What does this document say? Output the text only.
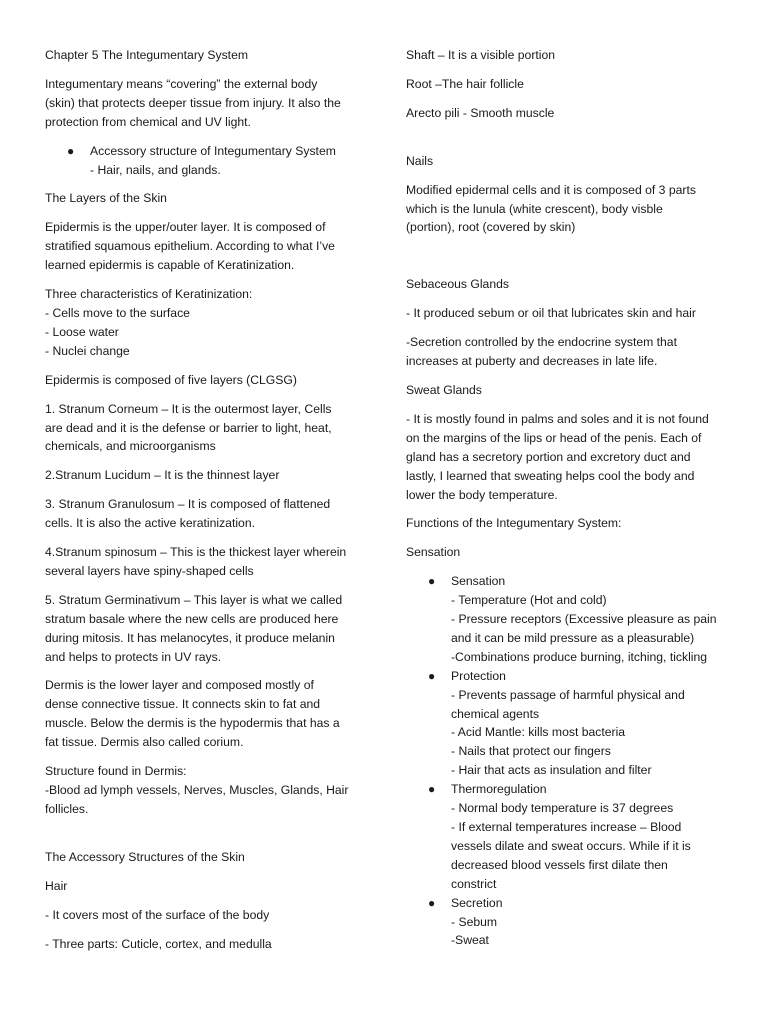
Chapter 5 The Integumentary System

Integumentary means “covering” the external body
(skin) that protects deeper tissue from injury. It also the
protection from chemical and UV light.

● Accessory structure of Integumentary System
- Hair, nails, and glands.

The Layers of the Skin

Epidermis is the upper/outer layer. It is composed of
stratified squamous epithelium. According to what I’ve
learned epidermis is capable of Keratinization.

Three characteristics of Keratinization:
- Cells move to the surface
- Loose water
- Nuclei change

Epidermis is composed of five layers (CLGSG)

1. Stranum Corneum – It is the outermost layer, Cells
are dead and it is the defense or barrier to light, heat,
chemicals, and microorganisms

2.Stranum Lucidum – It is the thinnest layer

3. Stranum Granulosum – It is composed of flattened
cells. It is also the active keratinization.

4.Stranum spinosum – This is the thickest layer wherein
several layers have spiny-shaped cells

5. Stratum Germinativum – This layer is what we called
stratum basale where the new cells are produced here
during mitosis. It has melanocytes, it produce melanin
and helps to protects in UV rays.

Dermis is the lower layer and composed mostly of
dense connective tissue. It connects skin to fat and
muscle. Below the dermis is the hypodermis that has a
fat tissue. Dermis also called corium.

Structure found in Dermis:
-Blood ad lymph vessels, Nerves, Muscles, Glands, Hair
follicles.

The Accessory Structures of the Skin

Hair

- It covers most of the surface of the body

- Three parts: Cuticle, cortex, and medulla

Shaft – It is a visible portion

Root –The hair follicle

Arecto pili - Smooth muscle

Nails

Modified epidermal cells and it is composed of 3 parts
which is the lunula (white crescent), body visble
(portion), root (covered by skin)

Sebaceous Glands

- It produced sebum or oil that lubricates skin and hair

-Secretion controlled by the endocrine system that
increases at puberty and decreases in late life.

Sweat Glands

- It is mostly found in palms and soles and it is not found
on the margins of the lips or head of the penis. Each of
gland has a secretory portion and excretory duct and
lastly, I learned that sweating helps cool the body and
lower the body temperature.

Functions of the Integumentary System:

Sensation

● Sensation
- Temperature (Hot and cold)
- Pressure receptors (Excessive pleasure as pain
and it can be mild pressure as a pleasurable)
-Combinations produce burning, itching, tickling
● Protection
- Prevents passage of harmful physical and
chemical agents
- Acid Mantle: kills most bacteria
- Nails that protect our fingers
- Hair that acts as insulation and filter
● Thermoregulation
- Normal body temperature is 37 degrees
- If external temperatures increase – Blood
vessels dilate and sweat occurs. While if it is
decreased blood vessels first dilate then
constrict
● Secretion
- Sebum
-Sweat
